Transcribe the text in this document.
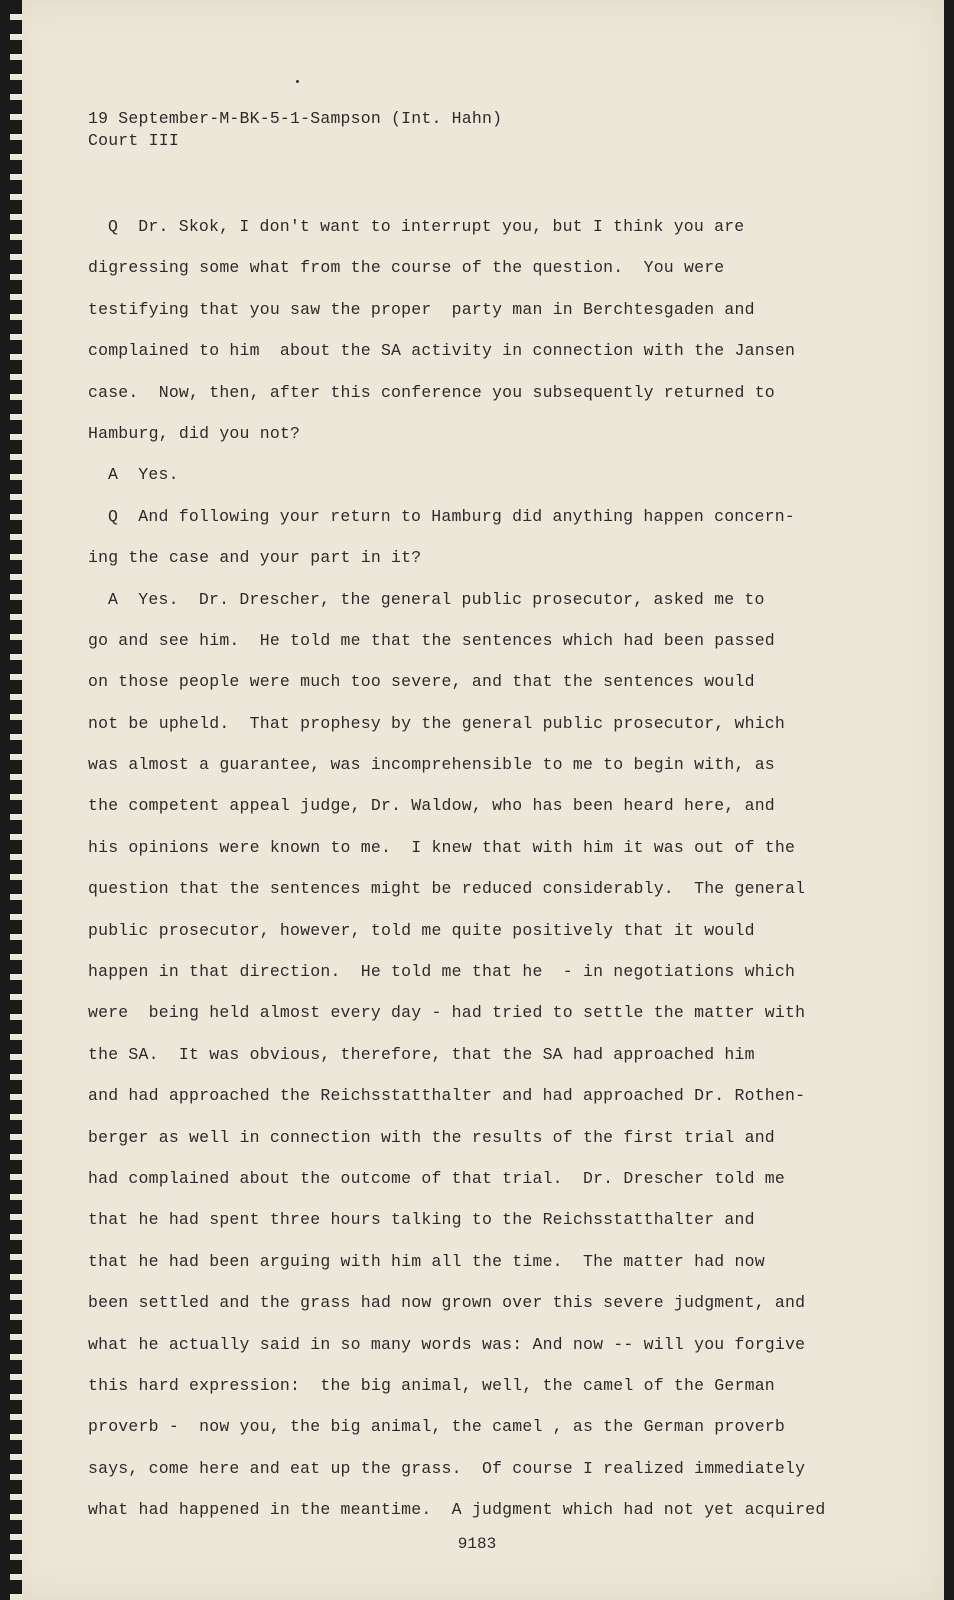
19 September-M-BK-5-1-Sampson (Int. Hahn)
Court III
Q  Dr. Skok, I don't want to interrupt you, but I think you are
digressing some what from the course of the question.  You were
testifying that you saw the proper  party man in Berchtesgaden and
complained to him  about the SA activity in connection with the Jansen
case.  Now, then, after this conference you subsequently returned to
Hamburg, did you not?
A  Yes.
Q  And following your return to Hamburg did anything happen concern-
ing the case and your part in it?
A  Yes.  Dr. Drescher, the general public prosecutor, asked me to
go and see him.  He told me that the sentences which had been passed
on those people were much too severe, and that the sentences would
not be upheld.  That prophesy by the general public prosecutor, which
was almost a guarantee, was incomprehensible to me to begin with, as
the competent appeal judge, Dr. Waldow, who has been heard here, and
his opinions were known to me.  I knew that with him it was out of the
question that the sentences might be reduced considerably.  The general
public prosecutor, however, told me quite positively that it would
happen in that direction.  He told me that he  - in negotiations which
were  being held almost every day - had tried to settle the matter with
the SA.  It was obvious, therefore, that the SA had approached him
and had approached the Reichsstatthalter and had approached Dr. Rothen-
berger as well in connection with the results of the first trial and
had complained about the outcome of that trial.  Dr. Drescher told me
that he had spent three hours talking to the Reichsstatthalter and
that he had been arguing with him all the time.  The matter had now
been settled and the grass had now grown over this severe judgment, and
what he actually said in so many words was: And now -- will you forgive
this hard expression:  the big animal, well, the camel of the German
proverb -  now you, the big animal, the camel , as the German proverb
says, come here and eat up the grass.  Of course I realized immediately
what had happened in the meantime.  A judgment which had not yet acquired
9183
